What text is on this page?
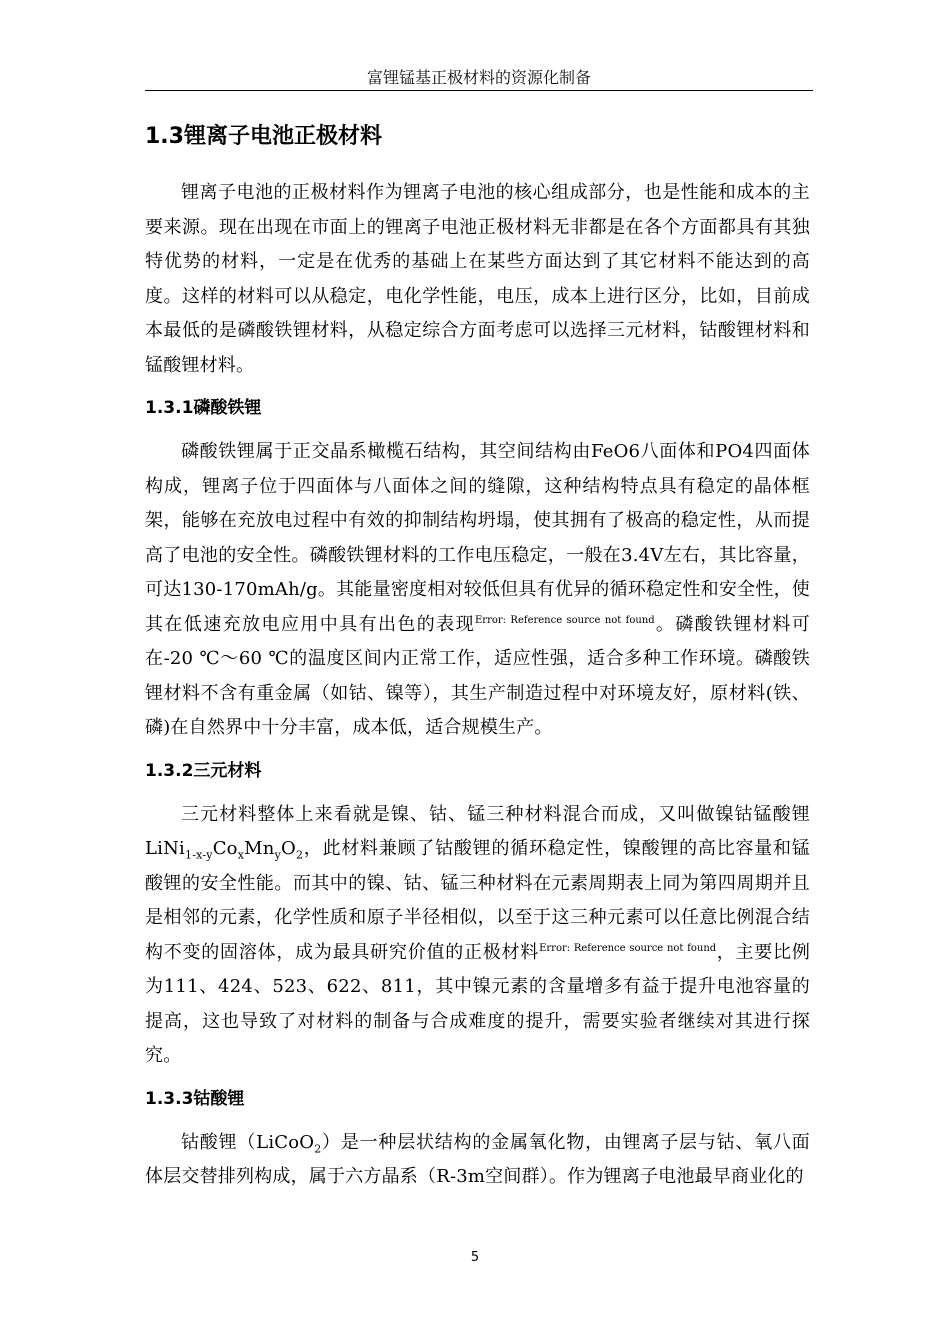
富锂锰基正极材料的资源化制备
1.3锂离子电池正极材料

锂离子电池的正极材料作为锂离子电池的核心组成部分，也是性能和成本的主要来源。现在出现在市面上的锂离子电池正极材料无非都是在各个方面都具有其独特优势的材料，一定是在优秀的基础上在某些方面达到了其它材料不能达到的高度。这样的材料可以从稳定，电化学性能，电压，成本上进行区分，比如，目前成本最低的是磷酸铁锂材料，从稳定综合方面考虑可以选择三元材料，钴酸锂材料和锰酸锂材料。

1.3.1磷酸铁锂

磷酸铁锂属于正交晶系橄榄石结构，其空间结构由FeO6八面体和PO4四面体构成，锂离子位于四面体与八面体之间的缝隙，这种结构特点具有稳定的晶体框架，能够在充放电过程中有效的抑制结构坍塌，使其拥有了极高的稳定性，从而提高了电池的安全性。磷酸铁锂材料的工作电压稳定，一般在3.4V左右，其比容量，可达130-170mAh/g。其能量密度相对较低但具有优异的循环稳定性和安全性，使其在低速充放电应用中具有出色的表现$^{Error: Reference source not found}$。磷酸铁锂材料可在-20 ℃～60 ℃的温度区间内正常工作，适应性强，适合多种工作环境。磷酸铁锂材料不含有重金属（如钴、镍等），其生产制造过程中对环境友好，原材料(铁、磷)在自然界中十分丰富，成本低，适合规模生产。

1.3.2三元材料

三元材料整体上来看就是镍、钴、锰三种材料混合而成，又叫做镍钴锰酸锂$LiNi_{1-x-y}Co_xMn_yO_2$，此材料兼顾了钴酸锂的循环稳定性，镍酸锂的高比容量和锰酸锂的安全性能。而其中的镍、钴、锰三种材料在元素周期表上同为第四周期并且是相邻的元素，化学性质和原子半径相似，以至于这三种元素可以任意比例混合结构不变的固溶体，成为最具研究价值的正极材料$^{Error: Reference source not found}$，主要比例为111、424、523、622、811，其中镍元素的含量增多有益于提升电池容量的提高，这也导致了对材料的制备与合成难度的提升，需要实验者继续对其进行探究。

1.3.3钴酸锂

钴酸锂（LiCoO$_2$）是一种层状结构的金属氧化物，由锂离子层与钴、氧八面体层交替排列构成，属于六方晶系（R-3m空间群）。作为锂离子电池最早商业化的

5
